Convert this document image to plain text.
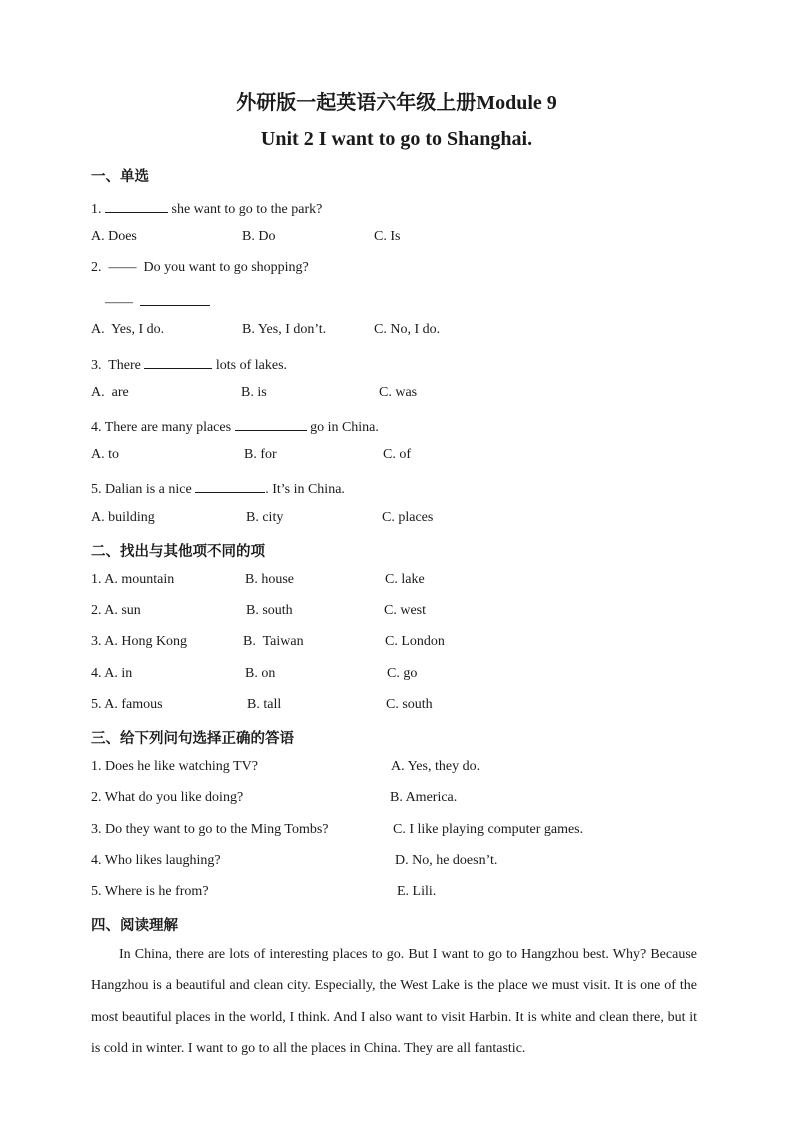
外研版一起英语六年级上册Module 9
Unit 2 I want to go to Shanghai.
一、单选
1.	she want to go to the park?
A. Does	B. Do	C. Is
2. ——  Do you want to go shopping?
——
A.  Yes, I do.	B. Yes, I don’t.	C. No, I do.
3.  There	lots of lakes.
A.  are	B. is	C. was
4. There are many places	go in China.
A. to	B. for	C. of
5. Dalian is a nice	. It’s in China.
A. building	B. city	C. places
二、找出与其他项不同的项
1. A. mountain	B. house	C. lake
2. A. sun	B. south	C. west
3. A. Hong Kong	B.  Taiwan	C. London
4. A. in	B. on	C. go
5. A. famous	B. tall	C. south
三、给下列问句选择正确的答语
1. Does he like watching TV?	A. Yes, they do.
2. What do you like doing?	B. America.
3. Do they want to go to the Ming Tombs?	C. I like playing computer games.
4. Who likes laughing?	D. No, he doesn’t.
5. Where is he from?	E. Lili.
四、阅读理解
In China, there are lots of interesting places to go. But I want to go to Hangzhou best. Why? Because Hangzhou is a beautiful and clean city. Especially, the West Lake is the place we must visit. It is one of the most beautiful places in the world, I think. And I also want to visit Harbin. It is white and clean there, but it is cold in winter. I want to go to all the places in China. They are all fantastic.
